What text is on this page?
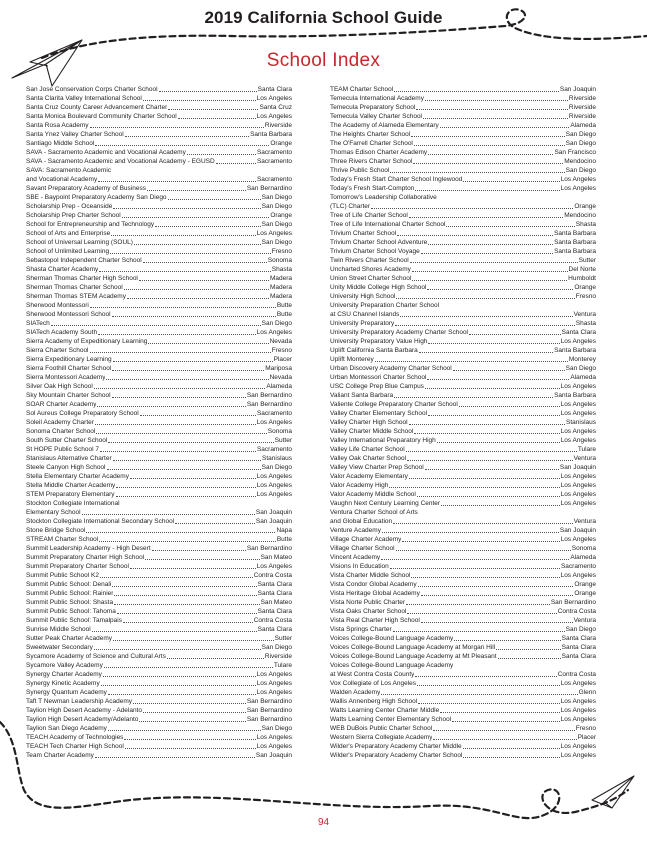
2019 California School Guide
School Index
San Jose Conservation Corps Charter School	Santa Clara
Santa Clarita Valley International School	Los Angeles
Santa Cruz County Career Advancement Charter	Santa Cruz
Santa Monica Boulevard Community Charter School	Los Angeles
Santa Rosa Academy	Riverside
Santa Ynez Valley Charter School	Santa Barbara
Santiago Middle School	Orange
SAVA - Sacramento Academic and Vocational Academy	Sacramento
SAVA - Sacramento Academic and Vocational Academy - EGUSD	Sacramento
SAVA: Sacramento Academic
and Vocational Academy	Sacramento
Savant Preparatory Academy of Business	San Bernardino
SBE - Baypoint Preparatory Academy San Diego	San Diego
Scholarship Prep - Oceanside	San Diego
Scholarship Prep Charter School	Orange
School for Entrepreneurship and Technology	San Diego
School of Arts and Enterprise	Los Angeles
School of Universal Learning (SOUL)	San Diego
School of Unlimited Learning	Fresno
Sebastopol Independent Charter School	Sonoma
Shasta Charter Academy	Shasta
Sherman Thomas Charter High School	Madera
Sherman Thomas Charter School	Madera
Sherman Thomas STEM Academy	Madera
Sherwood Montessori	Butte
Sherwood Montessori School	Butte
SIATech	San Diego
SIATech Academy South	Los Angeles
Sierra Academy of Expeditionary Learning	Nevada
Sierra Charter School	Fresno
Sierra Expeditionary Learning	Placer
Sierra Foothill Charter School	Mariposa
Sierra Montessori Academy	Nevada
Silver Oak High School	Alameda
Sky Mountain Charter School	San Bernardino
SOAR Charter Academy	San Bernardino
Sol Aureus College Preparatory School	Sacramento
Soleil Academy Charter	Los Angeles
Sonoma Charter School	Sonoma
South Sutter Charter School	Sutter
St HOPE Public School 7	Sacramento
Stanislaus Alternative Charter	Stanislaus
Steele Canyon High School	San Diego
Stella Elementary Charter Academy	Los Angeles
Stella Middle Charter Academy	Los Angeles
STEM Preparatory Elementary	Los Angeles
Stockton Collegiate International
Elementary School	San Joaquin
Stockton Collegiate International Secondary School	San Joaquin
Stone Bridge School	Napa
STREAM Charter School	Butte
Summit Leadership Academy - High Desert	San Bernardino
Summit Preparatory Charter High School	San Mateo
Summit Preparatory Charter School	Los Angeles
Summit Public School K2	Contra Costa
Summit Public School: Denali	Santa Clara
Summit Public School: Rainier	Santa Clara
Summit Public School: Shasta	San Mateo
Summit Public School: Tahoma	Santa Clara
Summit Public School: Tamalpais	Contra Costa
Sunrise Middle School	Santa Clara
Sutter Peak Charter Academy	Sutter
Sweetwater Secondary	San Diego
Sycamore Academy of Science and Cultural Arts	Riverside
Sycamore Valley Academy	Tulare
Synergy Charter Academy	Los Angeles
Synergy Kinetic Academy	Los Angeles
Synergy Quantum Academy	Los Angeles
Taft T Newman Leadership Academy	San Bernardino
Taylion High Desert Academy - Adelanto	San Bernardino
Taylion High Desert Academy/Adelanto	San Bernardino
Taylion San Diego Academy	San Diego
TEACH Academy of Technologies	Los Angeles
TEACH Tech Charter High School	Los Angeles
Team Charter Academy	San Joaquin
TEAM Charter School	San Joaquin
Temecula International Academy	Riverside
Temecula Preparatory School	Riverside
Temecula Valley Charter School	Riverside
The Academy of Alameda Elementary	Alameda
The Heights Charter School	San Diego
The O'Farrell Charter School	San Diego
Thomas Edison Charter Academy	San Francisco
Three Rivers Charter School	Mendocino
Thrive Public School	San Diego
Today's Fresh Start Charter School Inglewood	Los Angeles
Today's Fresh Start-Compton	Los Angeles
Tomorrow's Leadership Collaborative
(TLC) Charter	Orange
Tree of Life Charter School	Mendocino
Tree of Life International Charter School	Shasta
Trivium Charter School	Santa Barbara
Trivium Charter School Adventure	Santa Barbara
Trivium Charter School Voyage	Santa Barbara
Twin Rivers Charter School	Sutter
Uncharted Shores Academy	Del Norte
Union Street Charter School	Humboldt
Unity Middle College High School	Orange
University High School	Fresno
University Preparation Charter School
at CSU Channel Islands	Ventura
University Preparatory	Shasta
University Preparatory Academy Charter School	Santa Clara
University Preparatory Value High	Los Angeles
Uplift California Santa Barbara	Santa Barbara
Uplift Monterey	Monterey
Urban Discovery Academy Charter School	San Diego
Urban Montessori Charter School	Alameda
USC College Prep Blue Campus	Los Angeles
Valiant Santa Barbara	Santa Barbara
Valiente College Preparatory Charter School	Los Angeles
Valley Charter Elementary School	Los Angeles
Valley Charter High School	Stanislaus
Valley Charter Middle School	Los Angeles
Valley International Preparatory High	Los Angeles
Valley Life Charter School	Tulare
Valley Oak Charter School	Ventura
Valley View Charter Prep School	San Joaquin
Valor Academy Elementary	Los Angeles
Valor Academy High	Los Angeles
Valor Academy Middle School	Los Angeles
Vaughn Next Century Learning Center	Los Angeles
Ventura Charter School of Arts
and Global Education	Ventura
Venture Academy	San Joaquin
Village Charter Academy	Los Angeles
Village Charter School	Sonoma
Vincent Academy	Alameda
Visions In Education	Sacramento
Vista Charter Middle School	Los Angeles
Vista Condor Global Academy	Orange
Vista Heritage Global Academy	Orange
Vista Norte Public Charter	San Bernardino
Vista Oaks Charter School	Contra Costa
Vista Real Charter High School	Ventura
Vista Springs Charter	San Diego
Voices College-Bound Language Academy	Santa Clara
Voices College-Bound Language Academy at Morgan Hill	Santa Clara
Voices College-Bound Language Academy at Mt Pleasant	Santa Clara
Voices College-Bound Language Academy
at West Contra Costa County	Contra Costa
Vox Collegiate of Los Angeles	Los Angeles
Walden Academy	Glenn
Wallis Annenberg High School	Los Angeles
Watts Learning Center Charter Middle	Los Angeles
Watts Learning Center Elementary School	Los Angeles
WEB DuBois Public Charter School	Fresno
Western Sierra Collegiate Academy	Placer
Wilder's Preparatory Academy Charter Middle	Los Angeles
Wilder's Preparatory Academy Charter School	Los Angeles
94
